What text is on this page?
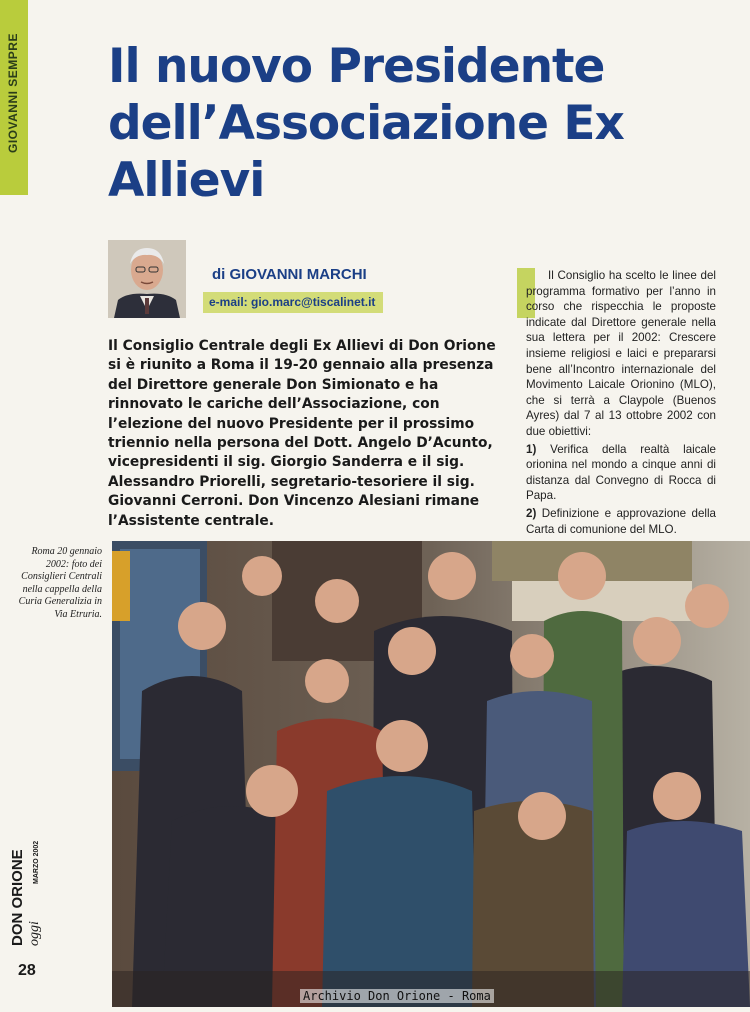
GIOVANNI SEMPRE Il nuovo Presidente dell’Associazione Ex Allievi

di GIOVANNI MARCHI

e-mail: gio.marc@tiscalinet.it

Il Consiglio Centrale degli Ex Allievi di Don Orione si è riunito a Roma il 19-20 gennaio alla presenza del Direttore generale Don Simionato e ha rinnovato le cariche dell’Associazione, con l’elezione del nuovo Presidente per il prossimo triennio nella persona del Dott. Angelo D’Acunto, vicepresidenti il sig. Giorgio Sanderra e il sig. Alessandro Priorelli, segretario-tesoriere il sig. Giovanni Cerroni. Don Vincenzo Alesiani rimane l’Assistente centrale.

Il Consiglio ha scelto le linee del programma formativo per l’anno in corso che rispecchia le proposte indicate dal Direttore generale nella sua lettera per il 2002: Crescere insieme religiosi e laici e prepararsi bene all’Incontro internazionale del Movimento Laicale Orionino (MLO), che si terrà a Claypole (Buenos Ayres) dal 7 al 13 ottobre 2002 con due obiettivi:

1) Verifica della realtà laicale orionina nel mondo a cinque anni di distanza dal Convegno di Rocca di Papa.

2) Definizione e approvazione della Carta di comunione del MLO.

Roma 20 gennaio 2002: foto dei Consiglieri Centrali nella cappella della Curia Generalizia in Via Etruria.

DON ORIONE oggi
MARZO 2002

28

Archivio Don Orione - Roma
